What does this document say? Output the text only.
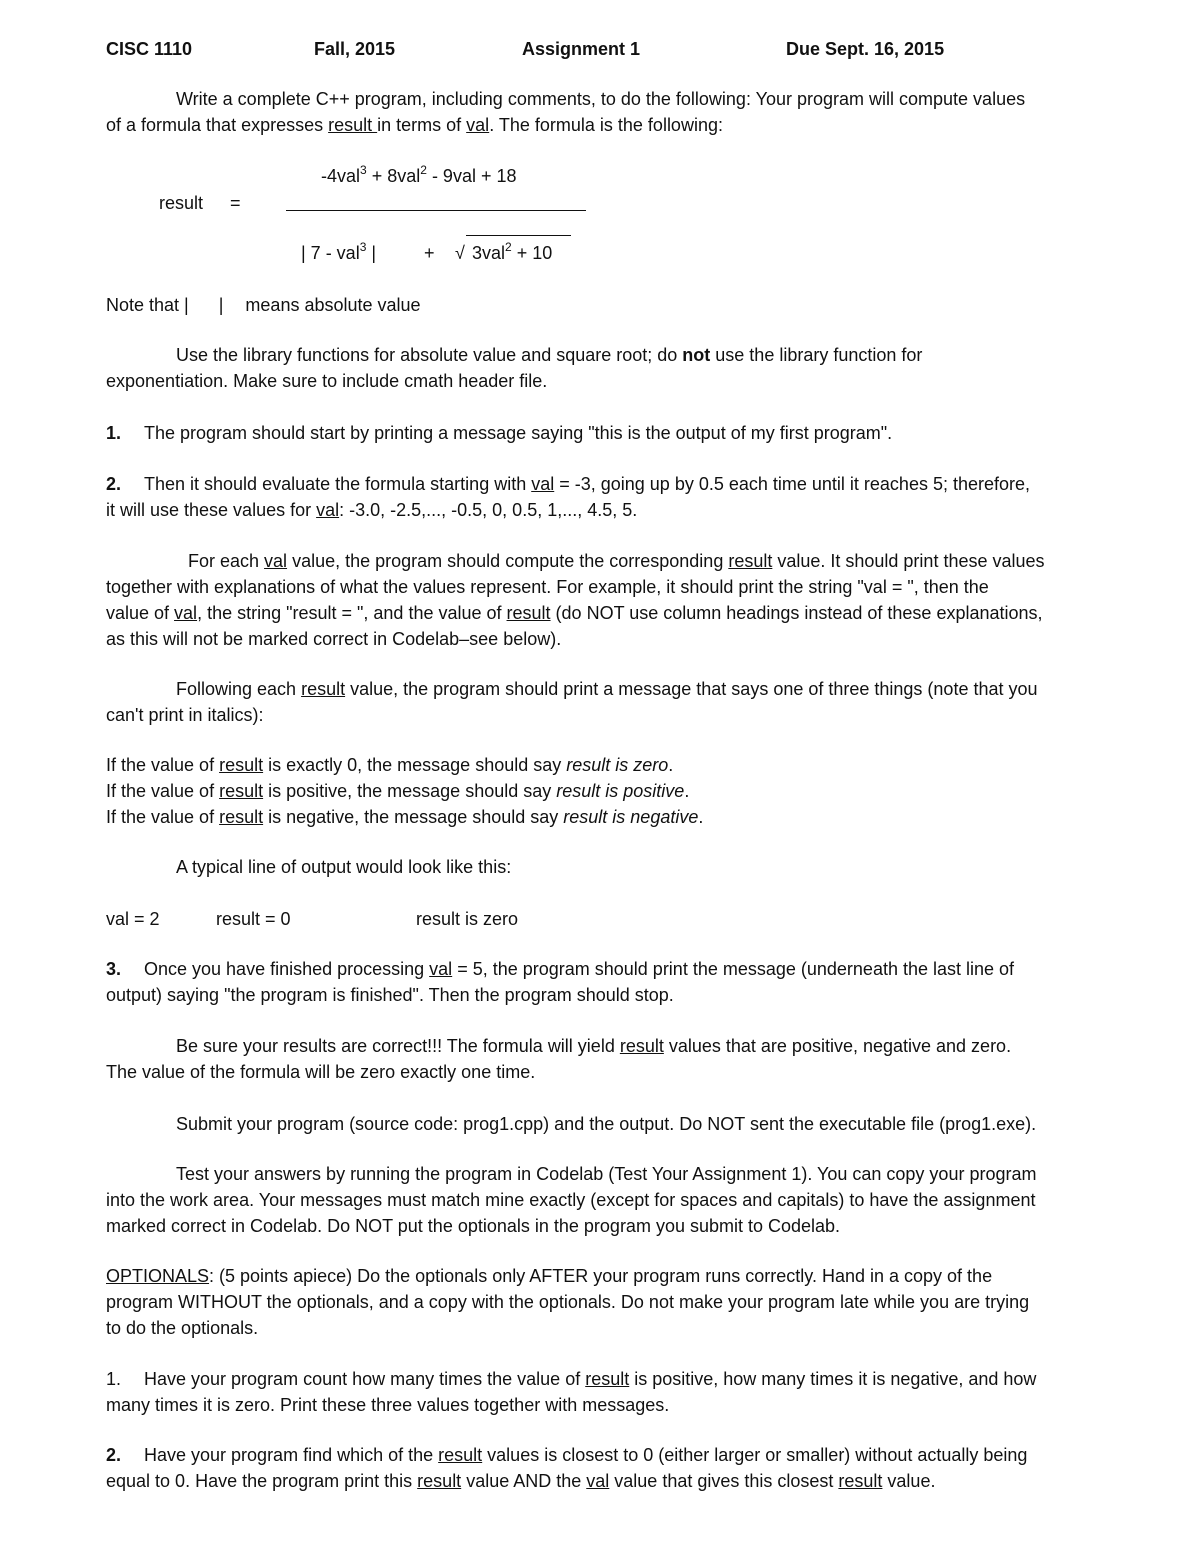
CISC 1110	Fall, 2015	Assignment 1	Due Sept. 16, 2015
Write a complete C++ program, including comments, to do the following: Your program will compute values
of a formula that expresses result in terms of val. The formula is the following:
-4val$^3$ + 8val$^2$ - 9val + 18
result =
| 7 - val$^3$ |	+ √ 3val$^2$ + 10
Note that | | means absolute value
Use the library functions for absolute value and square root; do not use the library function for
exponentiation. Make sure to include cmath header file.
1. The program should start by printing a message saying "this is the output of my first program".
2. Then it should evaluate the formula starting with val = -3, going up by 0.5 each time until it reaches 5; therefore,
it will use these values for val: -3.0, -2.5,..., -0.5, 0, 0.5, 1,..., 4.5, 5.
For each val value, the program should compute the corresponding result value. It should print these values
together with explanations of what the values represent. For example, it should print the string "val = ", then the
value of val, the string "result = ", and the value of result (do NOT use column headings instead of these explanations,
as this will not be marked correct in Codelab–see below).
Following each result value, the program should print a message that says one of three things (note that you
can't print in italics):
If the value of result is exactly 0, the message should say result is zero.
If the value of result is positive, the message should say result is positive.
If the value of result is negative, the message should say result is negative.
A typical line of output would look like this:
val = 2	result = 0	result is zero
3. Once you have finished processing val = 5, the program should print the message (underneath the last line of
output) saying "the program is finished". Then the program should stop.
Be sure your results are correct!!! The formula will yield result values that are positive, negative and zero.
The value of the formula will be zero exactly one time.
Submit your program (source code: prog1.cpp) and the output. Do NOT sent the executable file (prog1.exe).
Test your answers by running the program in Codelab (Test Your Assignment 1). You can copy your program
into the work area. Your messages must match mine exactly (except for spaces and capitals) to have the assignment
marked correct in Codelab. Do NOT put the optionals in the program you submit to Codelab.
OPTIONALS: (5 points apiece) Do the optionals only AFTER your program runs correctly. Hand in a copy of the
program WITHOUT the optionals, and a copy with the optionals. Do not make your program late while you are trying
to do the optionals.
1. Have your program count how many times the value of result is positive, how many times it is negative, and how
many times it is zero. Print these three values together with messages.
2. Have your program find which of the result values is closest to 0 (either larger or smaller) without actually being
equal to 0. Have the program print this result value AND the val value that gives this closest result value.
